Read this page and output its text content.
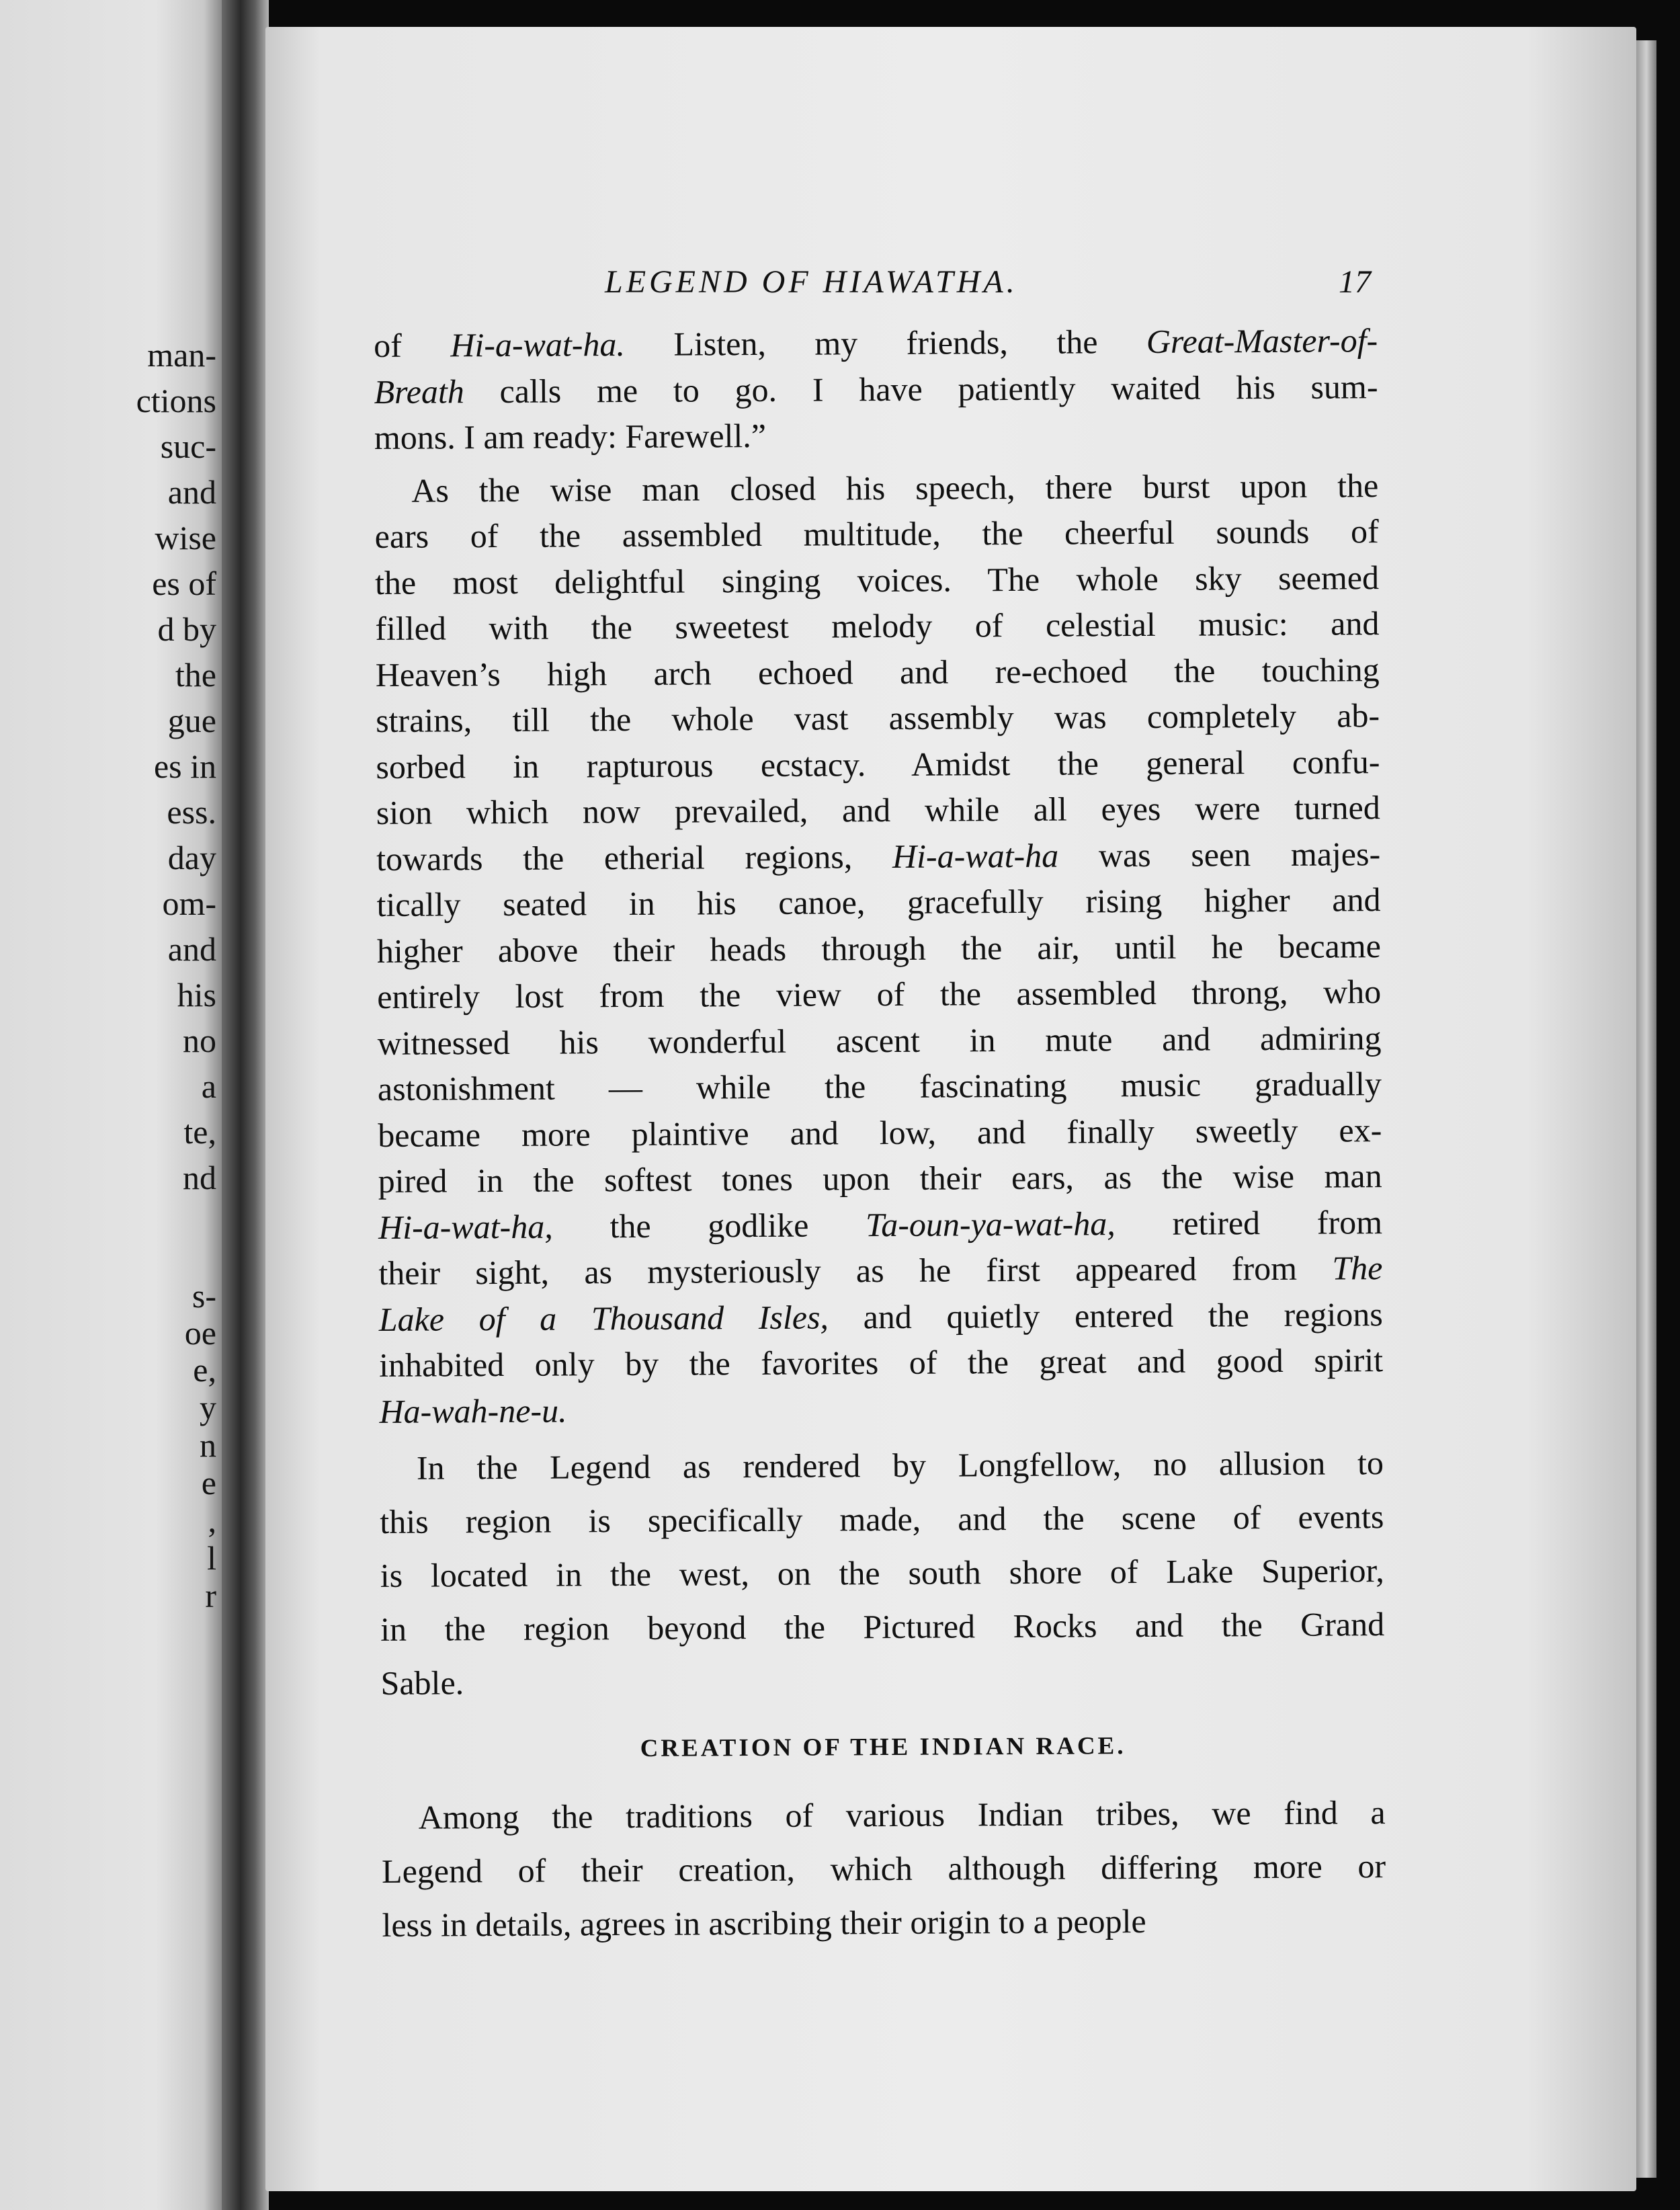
man-

ctions

suc-

and

wise

es of

d by

the

gue

es in

ess.

day

om-

and

his

no

a

te,

nd

s-

oe

e,

y

n

e

,

l

r

LEGEND OF HIAWATHA.	17
of Hi-a-wat-ha. Listen, my friends, the Great-Master-of-
Breath calls me to go. I have patiently waited his sum-
mons. I am ready: Farewell.”
As the wise man closed his speech, there burst upon the
ears of the assembled multitude, the cheerful sounds of
the most delightful singing voices. The whole sky seemed
filled with the sweetest melody of celestial music: and
Heaven’s high arch echoed and re-echoed the touching
strains, till the whole vast assembly was completely ab-
sorbed in rapturous ecstacy. Amidst the general confu-
sion which now prevailed, and while all eyes were turned
towards the etherial regions, Hi-a-wat-ha was seen majes-
tically seated in his canoe, gracefully rising higher and
higher above their heads through the air, until he became
entirely lost from the view of the assembled throng, who
witnessed his wonderful ascent in mute and admiring
astonishment — while the fascinating music gradually
became more plaintive and low, and finally sweetly ex-
pired in the softest tones upon their ears, as the wise man
Hi-a-wat-ha, the godlike Ta-oun-ya-wat-ha, retired from
their sight, as mysteriously as he first appeared from The
Lake of a Thousand Isles, and quietly entered the regions
inhabited only by the favorites of the great and good spirit
Ha-wah-ne-u.
In the Legend as rendered by Longfellow, no allusion to
this region is specifically made, and the scene of events
is located in the west, on the south shore of Lake Superior,
in the region beyond the Pictured Rocks and the Grand
Sable.
CREATION OF THE INDIAN RACE.
Among the traditions of various Indian tribes, we find a
Legend of their creation, which although differing more or
less in details, agrees in ascribing their origin to a people
